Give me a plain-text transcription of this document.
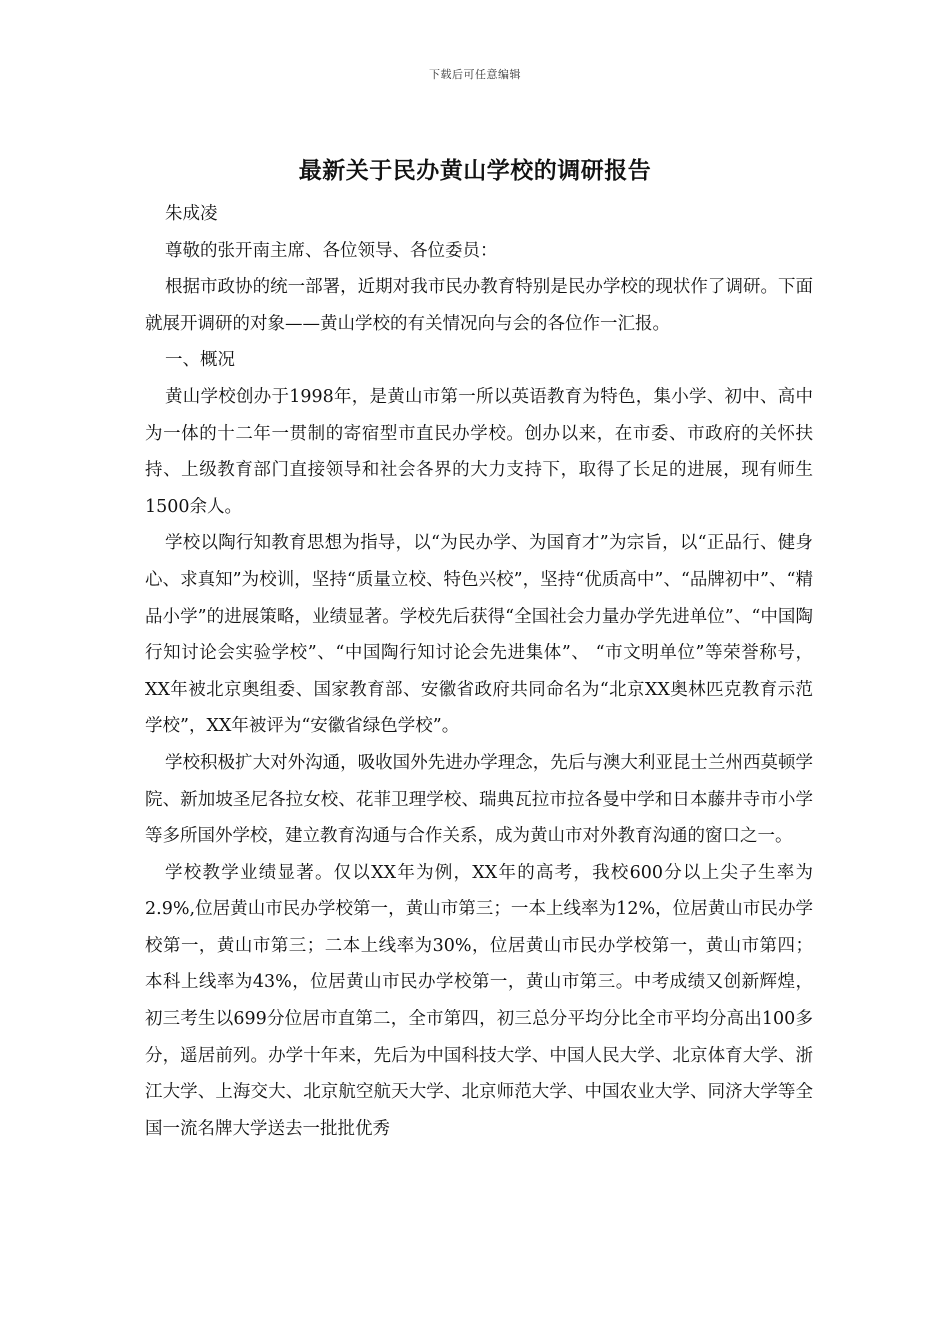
下载后可任意编辑
最新关于民办黄山学校的调研报告

朱成凌

尊敬的张开南主席、各位领导、各位委员：

根据市政协的统一部署，近期对我市民办教育特别是民办学校的现状作了调研。下面就展开调研的对象——黄山学校的有关情况向与会的各位作一汇报。

一、概况

黄山学校创办于1998年，是黄山市第一所以英语教育为特色，集小学、初中、高中为一体的十二年一贯制的寄宿型市直民办学校。创办以来，在市委、市政府的关怀扶持、上级教育部门直接领导和社会各界的大力支持下，取得了长足的进展，现有师生1500余人。

学校以陶行知教育思想为指导，以“为民办学、为国育才”为宗旨，以“正品行、健身心、求真知”为校训，坚持“质量立校、特色兴校”，坚持“优质高中”、“品牌初中”、“精品小学”的进展策略，业绩显著。学校先后获得“全国社会力量办学先进单位”、“中国陶行知讨论会实验学校”、“中国陶行知讨论会先进集体”、 “市文明单位”等荣誉称号，XX年被北京奥组委、国家教育部、安徽省政府共同命名为“北京XX奥林匹克教育示范学校”，XX年被评为“安徽省绿色学校”。

学校积极扩大对外沟通，吸收国外先进办学理念，先后与澳大利亚昆士兰州西莫顿学院、新加坡圣尼各拉女校、花菲卫理学校、瑞典瓦拉市拉各曼中学和日本藤井寺市小学等多所国外学校，建立教育沟通与合作关系，成为黄山市对外教育沟通的窗口之一。

学校教学业绩显著。仅以XX年为例，XX年的高考，我校600分以上尖子生率为2.9%,位居黄山市民办学校第一，黄山市第三；一本上线率为12%，位居黄山市民办学校第一，黄山市第三；二本上线率为30%，位居黄山市民办学校第一，黄山市第四；本科上线率为43%，位居黄山市民办学校第一，黄山市第三。中考成绩又创新辉煌，初三考生以699分位居市直第二，全市第四，初三总分平均分比全市平均分高出100多分，遥居前列。办学十年来，先后为中国科技大学、中国人民大学、北京体育大学、浙江大学、上海交大、北京航空航天大学、北京师范大学、中国农业大学、同济大学等全国一流名牌大学送去一批批优秀
